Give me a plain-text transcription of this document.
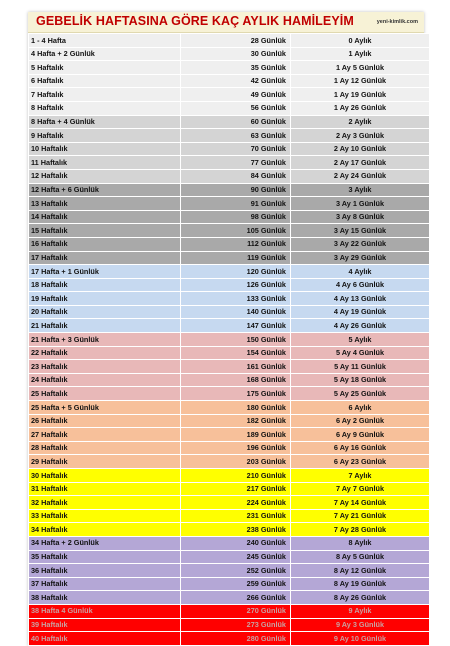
GEBELİK HAFTASINA GÖRE KAÇ AYLIK HAMİLEYİM	yeni-kimlik.com
1 - 4 Hafta	28 Günlük	0 Aylık
4 Hafta + 2 Günlük	30 Günlük	1 Aylık
5 Haftalık	35 Günlük	1 Ay 5 Günlük
6 Haftalık	42 Günlük	1 Ay 12 Günlük
7 Haftalık	49 Günlük	1 Ay 19 Günlük
8 Haftalık	56 Günlük	1 Ay 26 Günlük
8 Hafta + 4 Günlük	60 Günlük	2 Aylık
9 Haftalık	63 Günlük	2 Ay 3 Günlük
10 Haftalık	70 Günlük	2 Ay 10 Günlük
11 Haftalık	77 Günlük	2 Ay 17 Günlük
12 Haftalık	84 Günlük	2 Ay 24 Günlük
12 Hafta + 6 Günlük	90 Günlük	3 Aylık
13 Haftalık	91 Günlük	3 Ay 1 Günlük
14 Haftalık	98 Günlük	3 Ay 8 Günlük
15 Haftalık	105 Günlük	3 Ay 15 Günlük
16 Haftalık	112 Günlük	3 Ay 22 Günlük
17 Haftalık	119 Günlük	3 Ay 29 Günlük
17 Hafta + 1 Günlük	120 Günlük	4 Aylık
18 Haftalık	126 Günlük	4 Ay 6 Günlük
19 Haftalık	133 Günlük	4 Ay 13 Günlük
20 Haftalık	140 Günlük	4 Ay 19 Günlük
21 Haftalık	147 Günlük	4 Ay 26 Günlük
21 Hafta + 3 Günlük	150 Günlük	5 Aylık
22 Haftalık	154 Günlük	5 Ay 4 Günlük
23 Haftalık	161 Günlük	5 Ay 11 Günlük
24 Haftalık	168 Günlük	5 Ay 18 Günlük
25 Haftalık	175 Günlük	5 Ay 25 Günlük
25 Hafta + 5 Günlük	180 Günlük	6 Aylık
26 Haftalık	182 Günlük	6 Ay 2 Günlük
27 Haftalık	189 Günlük	6 Ay 9 Günlük
28 Haftalık	196 Günlük	6 Ay 16 Günlük
29 Haftalık	203 Günlük	6 Ay 23 Günlük
30 Haftalık	210 Günlük	7 Aylık
31 Haftalık	217 Günlük	7 Ay 7 Günlük
32 Haftalık	224 Günlük	7 Ay 14 Günlük
33 Haftalık	231 Günlük	7 Ay 21 Günlük
34 Haftalık	238 Günlük	7 Ay 28 Günlük
34 Hafta + 2 Günlük	240 Günlük	8 Aylık
35 Haftalık	245 Günlük	8 Ay 5 Günlük
36 Haftalık	252 Günlük	8 Ay 12 Günlük
37 Haftalık	259 Günlük	8 Ay 19 Günlük
38 Haftalık	266 Günlük	8 Ay 26 Günlük
38 Hafta 4 Günlük	270 Günlük	9 Aylık
39 Haftalık	273 Günlük	9 Ay 3 Günlük
40 Haftalık	280 Günlük	9 Ay 10 Günlük
